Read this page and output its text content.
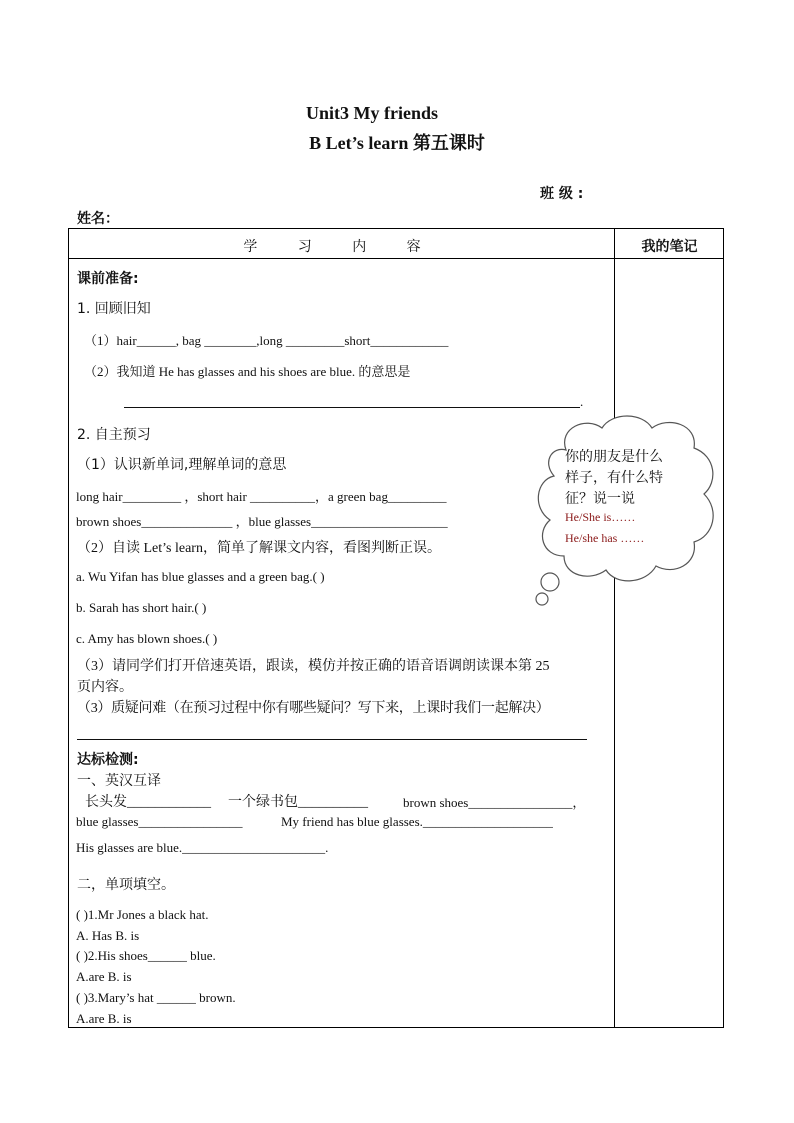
Unit3 My friends
B Let’s learn 第五课时
班 级 :
姓名：
学 习 内 容	我的笔记
课前准备:
1. 回顾旧知
（1）hair______, bag ________,long _________short____________
（2）我知道 He has glasses and his shoes are blue. 的意思是
.
2. 自主预习
（1）认识新单词,理解单词的意思
long hair_________ ，short hair __________，a green bag_________
brown shoes______________ ，blue glasses_____________________
（2）自读 Let’s learn，简单了解课文内容，看图判断正误。
a. Wu Yifan has blue glasses and a green bag.( )
b. Sarah has short hair.( )
c. Amy has blown shoes.( )
（3）请同学们打开倍速英语，跟读，模仿并按正确的语音语调朗读课本第 25
页内容。
（3）质疑问难（在预习过程中你有哪些疑问？写下来，上课时我们一起解决）
达标检测:
一、英汉互译
长头发____________ 一个绿书包__________	brown shoes________________，
blue glasses________________	My friend has blue glasses.____________________
His glasses are blue.______________________.
二，单项填空。
( )1.Mr Jones a black hat.
A. Has B. is
( )2.His shoes______ blue.
A.are B. is
( )3.Mary’s hat ______ brown.
A.are B. is
你的朋友是什么
样子，有什么特
征？说一说
He/She is……
He/she has ……
